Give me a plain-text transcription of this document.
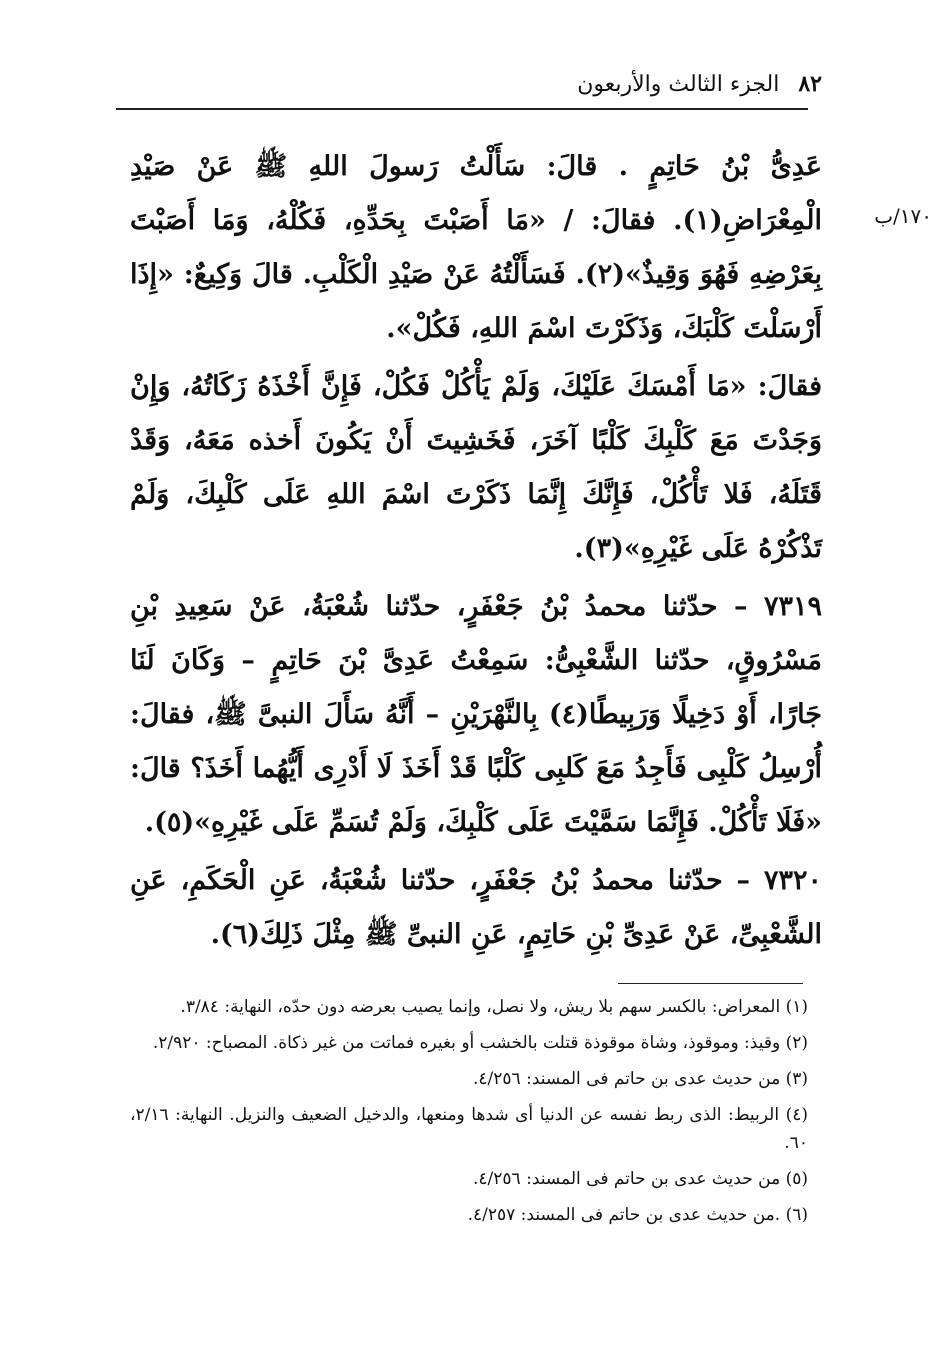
٨٢ الجزء الثالث والأربعون
١٧٠/ب

عَدِىُّ بْنُ حَاتِمٍ . قالَ: سَأَلْتُ رَسولَ اللهِ ﷺ عَنْ صَيْدِ الْمِعْرَاضِ(١). فقالَ: / «مَا أَصَبْتَ بِحَدِّهِ، فَكُلْهُ، وَمَا أَصَبْتَ بِعَرْضِهِ فَهُوَ وَقِيذٌ»(٢). فَسَأَلْتُهُ عَنْ صَيْدِ الْكَلْبِ. قالَ وَكِيعٌ: «إِذَا أَرْسَلْتَ كَلْبَكَ، وَذَكَرْتَ اسْمَ اللهِ، فَكُلْ».

فقالَ: «مَا أَمْسَكَ عَلَيْكَ، وَلَمْ يَأْكُلْ فَكُلْ، فَإِنَّ أَخْذَهُ زَكَاتُهُ، وَإِنْ وَجَدْتَ مَعَ كَلْبِكَ كَلْبًا آخَرَ، فَخَشِيتَ أَنْ يَكُونَ أَخذه مَعَهُ، وَقَدْ قَتَلَهُ، فَلا تَأْكُلْ، فَإِنَّكَ إِنَّمَا ذَكَرْتَ اسْمَ اللهِ عَلَى كَلْبِكَ، وَلَمْ تَذْكُرْهُ عَلَى غَيْرِهِ»(٣).

٧٣١٩ – حدّثنا محمدُ بْنُ جَعْفَرٍ، حدّثنا شُعْبَةُ، عَنْ سَعِيدِ بْنِ مَسْرُوقٍ، حدّثنا الشَّعْبِىُّ: سَمِعْتُ عَدِىَّ بْنَ حَاتِمٍ – وَكَانَ لَنَا جَارًا، أَوْ دَخِيلًا وَرَبِيطًا(٤) بِالنَّهْرَيْنِ – أَنَّهُ سَأَلَ النبىَّ ﷺ، فقالَ: أُرْسِلُ كَلْبِى فَأَجِدُ مَعَ كَلبِى كَلْبًا قَدْ أَخَذَ لَا أَدْرِى أَيُّهُما أَخَذَ؟ قالَ: «فَلَا تَأْكُلْ. فَإِنَّمَا سَمَّيْتَ عَلَى كَلْبِكَ، وَلَمْ تُسَمِّ عَلَى غَيْرِهِ»(٥).

٧٣٢٠ – حدّثنا محمدُ بْنُ جَعْفَرٍ، حدّثنا شُعْبَةُ، عَنِ الْحَكَمِ، عَنِ الشَّعْبِىِّ، عَنْ عَدِىِّ بْنِ حَاتِمٍ، عَنِ النبىِّ ﷺ مِثْلَ ذَلِكَ(٦).

(١) المعراض: بالكسر سهم بلا ريش، ولا نصل، وإنما يصيب بعرضه دون حدّه، النهاية: ٣/٨٤.

(٢) وقيذ: وموقوذ، وشاة موقوذة قتلت بالخشب أو بغيره فماتت من غير ذكاة. المصباح: ٢/٩٢٠.

(٣) من حديث عدى بن حاتم فى المسند: ٤/٢٥٦.

(٤) الربيط: الذى ربط نفسه عن الدنيا أى شدها ومنعها، والدخيل الضعيف والنزيل. النهاية: ٢/١٦، ٦٠.

(٥) من حديث عدى بن حاتم فى المسند: ٤/٢٥٦.

(٦) .من حديث عدى بن حاتم فى المسند: ٤/٢٥٧.
